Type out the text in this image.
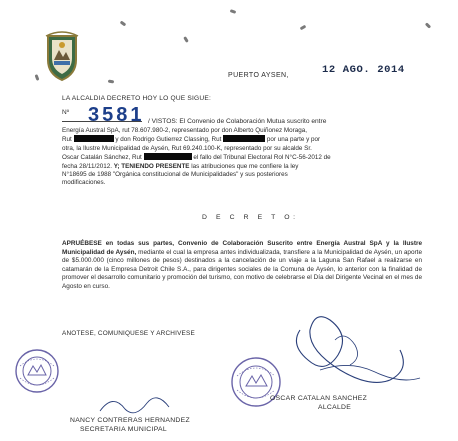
PUERTO AYSEN,	12 AGO. 2014
LA ALCALDIA DECRETO HOY LO QUE SIGUE:
Nº 3581 / VISTOS: El Convenio de Colaboración Mutua suscrito entre
Energía Austral SpA, rut 78.607.980-2, representado por don Alberto Quiñonez Moraga,
Rut	y don Rodrigo Gutierrez Classing, Rut	por una parte y por
otra, la Ilustre Municipalidad de Aysén, Rut 69.240.100-K, representado por su alcalde Sr.
Oscar Catalán Sánchez, Rut	el fallo del Tribunal Electoral Rol N°C-56-2012 de
fecha 28/11/2012. Y; TENIENDO PRESENTE las atribuciones que me confiere la ley
N°18695 de 1988 "Orgánica constitucional de Municipalidades" y sus posteriores
modificaciones.
D E C R E T O:
APRUÉBESE en todas sus partes, Convenio de Colaboración Suscrito entre Energía Austral SpA y la Ilustre Municipalidad de Aysén, mediante el cual la empresa antes individualizada, transfiere a la Municipalidad de Aysén, un aporte de $5.000.000 (cinco millones de pesos) destinados a la cancelación de un viaje a la Laguna San Rafael a realizarse en catamarán de la Empresa Detroit Chile S.A., para dirigentes sociales de la Comuna de Aysén, lo anterior con la finalidad de promover el desarrollo comunitario y promoción del turismo, con motivo de celebrarse el Día del Dirigente Vecinal en el mes de Agosto en curso.
ANOTESE, COMUNIQUESE Y ARCHIVESE
OSCAR CATALAN SANCHEZ
ALCALDE
NANCY CONTRERAS HERNANDEZ
SECRETARIA MUNICIPAL
